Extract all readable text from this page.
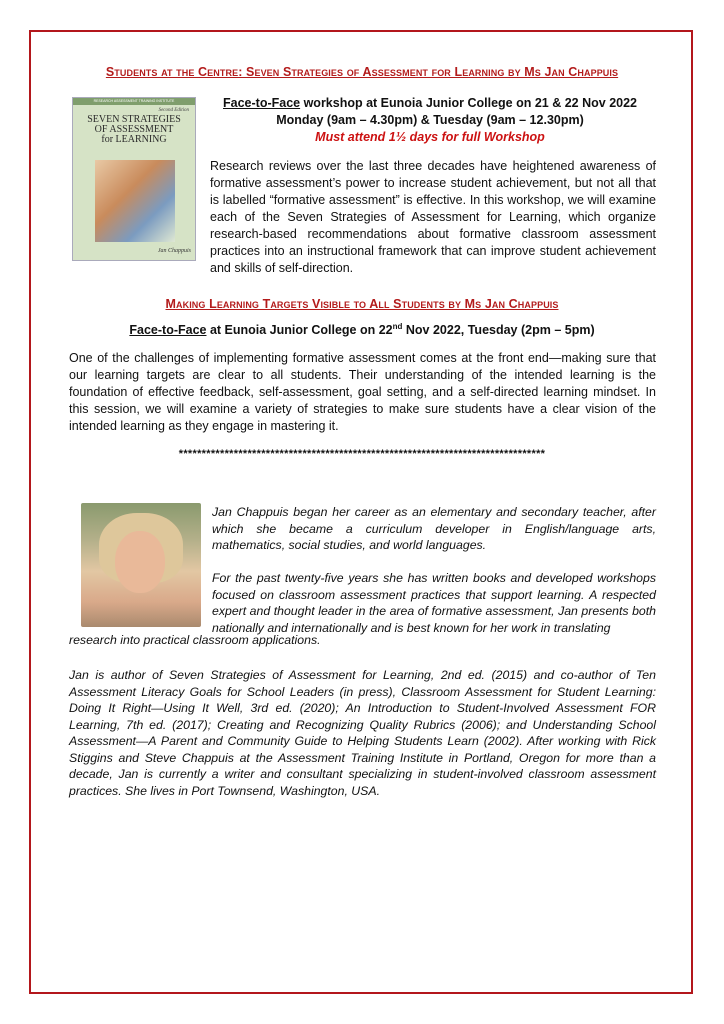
Students at the Centre: Seven Strategies of Assessment for Learning by Ms Jan Chappuis
RESEARCH ASSESSMENT TRAINING INSTITUTE
Second Edition
SEVEN STRATEGIES
OF ASSESSMENT
for LEARNING
Jan Chappuis
Face-to-Face workshop at Eunoia Junior College on 21 & 22 Nov 2022
Monday (9am – 4.30pm) & Tuesday (9am – 12.30pm)
Must attend 1½ days for full Workshop
Research reviews over the last three decades have heightened awareness of formative assessment’s power to increase student achievement, but not all that is labelled “formative assessment” is effective. In this workshop, we will examine each of the Seven Strategies of Assessment for Learning, which organize research-based recommendations about formative classroom assessment practices into an instructional framework that can improve student achievement and skills of self-direction.
Making Learning Targets Visible to All Students by Ms Jan Chappuis
Face-to-Face at Eunoia Junior College on 22nd Nov 2022, Tuesday (2pm – 5pm)
One of the challenges of implementing formative assessment comes at the front end—making sure that our learning targets are clear to all students. Their understanding of the intended learning is the foundation of effective feedback, self-assessment, goal setting, and a self-directed learning mindset. In this session, we will examine a variety of strategies to make sure students have a clear vision of the intended learning as they engage in mastering it.
********************************************************************************
Jan Chappuis began her career as an elementary and secondary teacher, after which she became a curriculum developer in English/language arts, mathematics, social studies, and world languages.
For the past twenty-five years she has written books and developed workshops focused on classroom assessment practices that support learning. A respected expert and thought leader in the area of formative assessment, Jan presents both nationally and internationally and is best known for her work in translating
research into practical classroom applications.
Jan is author of Seven Strategies of Assessment for Learning, 2nd ed. (2015) and co-author of Ten Assessment Literacy Goals for School Leaders (in press), Classroom Assessment for Student Learning: Doing It Right—Using It Well, 3rd ed. (2020); An Introduction to Student-Involved Assessment FOR Learning, 7th ed. (2017); Creating and Recognizing Quality Rubrics (2006); and Understanding School Assessment—A Parent and Community Guide to Helping Students Learn (2002). After working with Rick Stiggins and Steve Chappuis at the Assessment Training Institute in Portland, Oregon for more than a decade, Jan is currently a writer and consultant specializing in student-involved classroom assessment practices. She lives in Port Townsend, Washington, USA.
